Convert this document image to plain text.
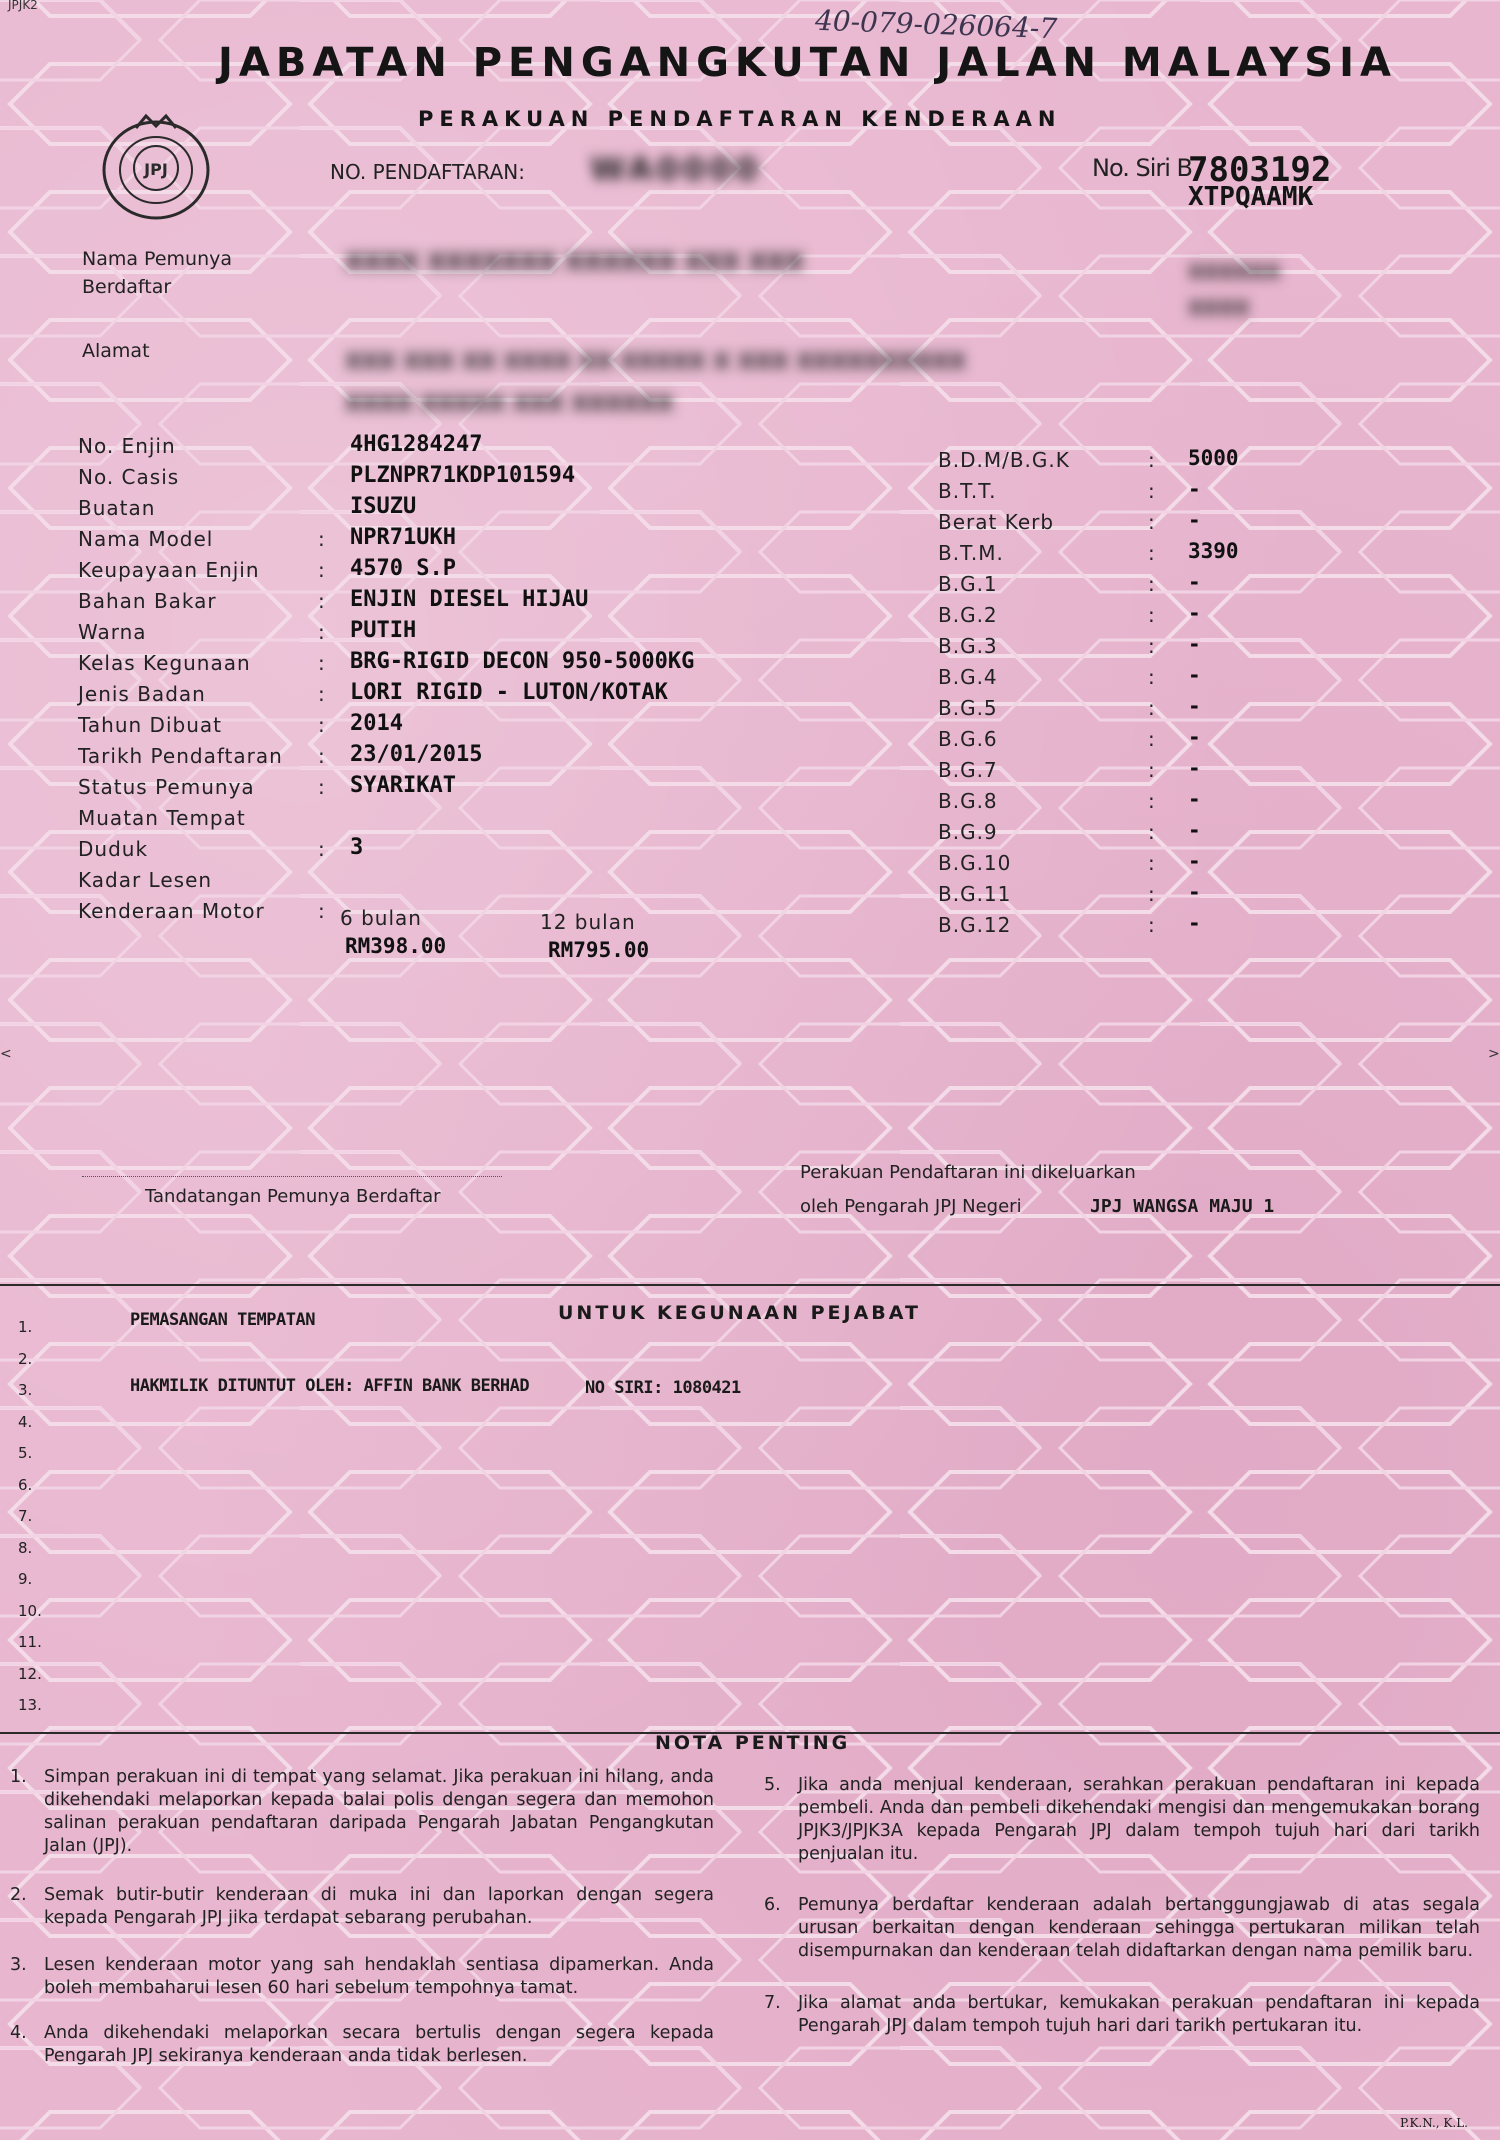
JPJK2	40-079-026064-7
JABATAN PENGANGKUTAN JALAN MALAYSIA
PERAKUAN PENDAFTARAN KENDERAAN
JPJ	NO. PENDAFTARAN: WA0000	No. Siri B
7803192
XTPQAAMK
Nama Pemunya
Berdaftar
XXXX XXXXXXX XXXXXX XXX XXX	XXXXXX
XXXX
Alamat	XXX XXX XX XXXX XX XXXXX X XXX XXXXXXXXXX
XXXX XXXXX XXX XXXXXX
6 bulan	12 bulan
RM398.00	RM795.00
<	>
Tandatangan Pemunya Berdaftar
Perakuan Pendaftaran ini dikeluarkan
oleh Pengarah JPJ Negeri	JPJ WANGSA MAJU 1
UNTUK KEGUNAAN PEJABAT
PEMASANGAN TEMPATAN
HAKMILIK DITUNTUT OLEH: AFFIN BANK BERHAD	NO SIRI: 1080421
NOTA PENTING
P.K.N., K.L.
No. Enjin	4HG1284247
No. Casis	PLZNPR71KDP101594
Buatan	ISUZU
Nama Model	: NPR71UKH
Keupayaan Enjin	: 4570 S.P
Bahan Bakar	: ENJIN DIESEL HIJAU
Warna	: PUTIH
Kelas Kegunaan	: BRG-RIGID DECON 950-5000KG
Jenis Badan	: LORI RIGID - LUTON/KOTAK
Tahun Dibuat	: 2014
Tarikh Pendaftaran : 23/01/2015
Status Pemunya	: SYARIKAT
Muatan Tempat
Duduk	: 3
Kadar Lesen
Kenderaan Motor	:
B.D.M/B.G.K	: 5000
B.T.T.	: -
Berat Kerb	: -
B.T.M.	: 3390
B.G.1	: -
B.G.2	: -
B.G.3	: -
B.G.4	: -
B.G.5	: -
B.G.6	: -
B.G.7	: -
B.G.8	: -
B.G.9	: -
B.G.10	: -
B.G.11	: -
B.G.12	: -
1.
2.
3.
4.
5.
6.
7.
8.
9.
10.
11.
12.
13.
1. Simpan perakuan ini di tempat yang selamat. Jika perakuan ini hilang, anda dikehendaki melaporkan kepada balai polis dengan segera dan memohon salinan perakuan pendaftaran daripada Pengarah Jabatan Pengangkutan Jalan (JPJ).
2. Semak butir-butir kenderaan di muka ini dan laporkan dengan segera kepada Pengarah JPJ jika terdapat sebarang perubahan.
3. Lesen kenderaan motor yang sah hendaklah sentiasa dipamerkan. Anda boleh membaharui lesen 60 hari sebelum tempohnya tamat.
4. Anda dikehendaki melaporkan secara bertulis dengan segera kepada Pengarah JPJ sekiranya kenderaan anda tidak berlesen.
5. Jika anda menjual kenderaan, serahkan perakuan pendaftaran ini kepada pembeli. Anda dan pembeli dikehendaki mengisi dan mengemukakan borang JPJK3/JPJK3A kepada Pengarah JPJ dalam tempoh tujuh hari dari tarikh penjualan itu.
6. Pemunya berdaftar kenderaan adalah bertanggungjawab di atas segala urusan berkaitan dengan kenderaan sehingga pertukaran milikan telah disempurnakan dan kenderaan telah didaftarkan dengan nama pemilik baru.
7. Jika alamat anda bertukar, kemukakan perakuan pendaftaran ini kepada Pengarah JPJ dalam tempoh tujuh hari dari tarikh pertukaran itu.
